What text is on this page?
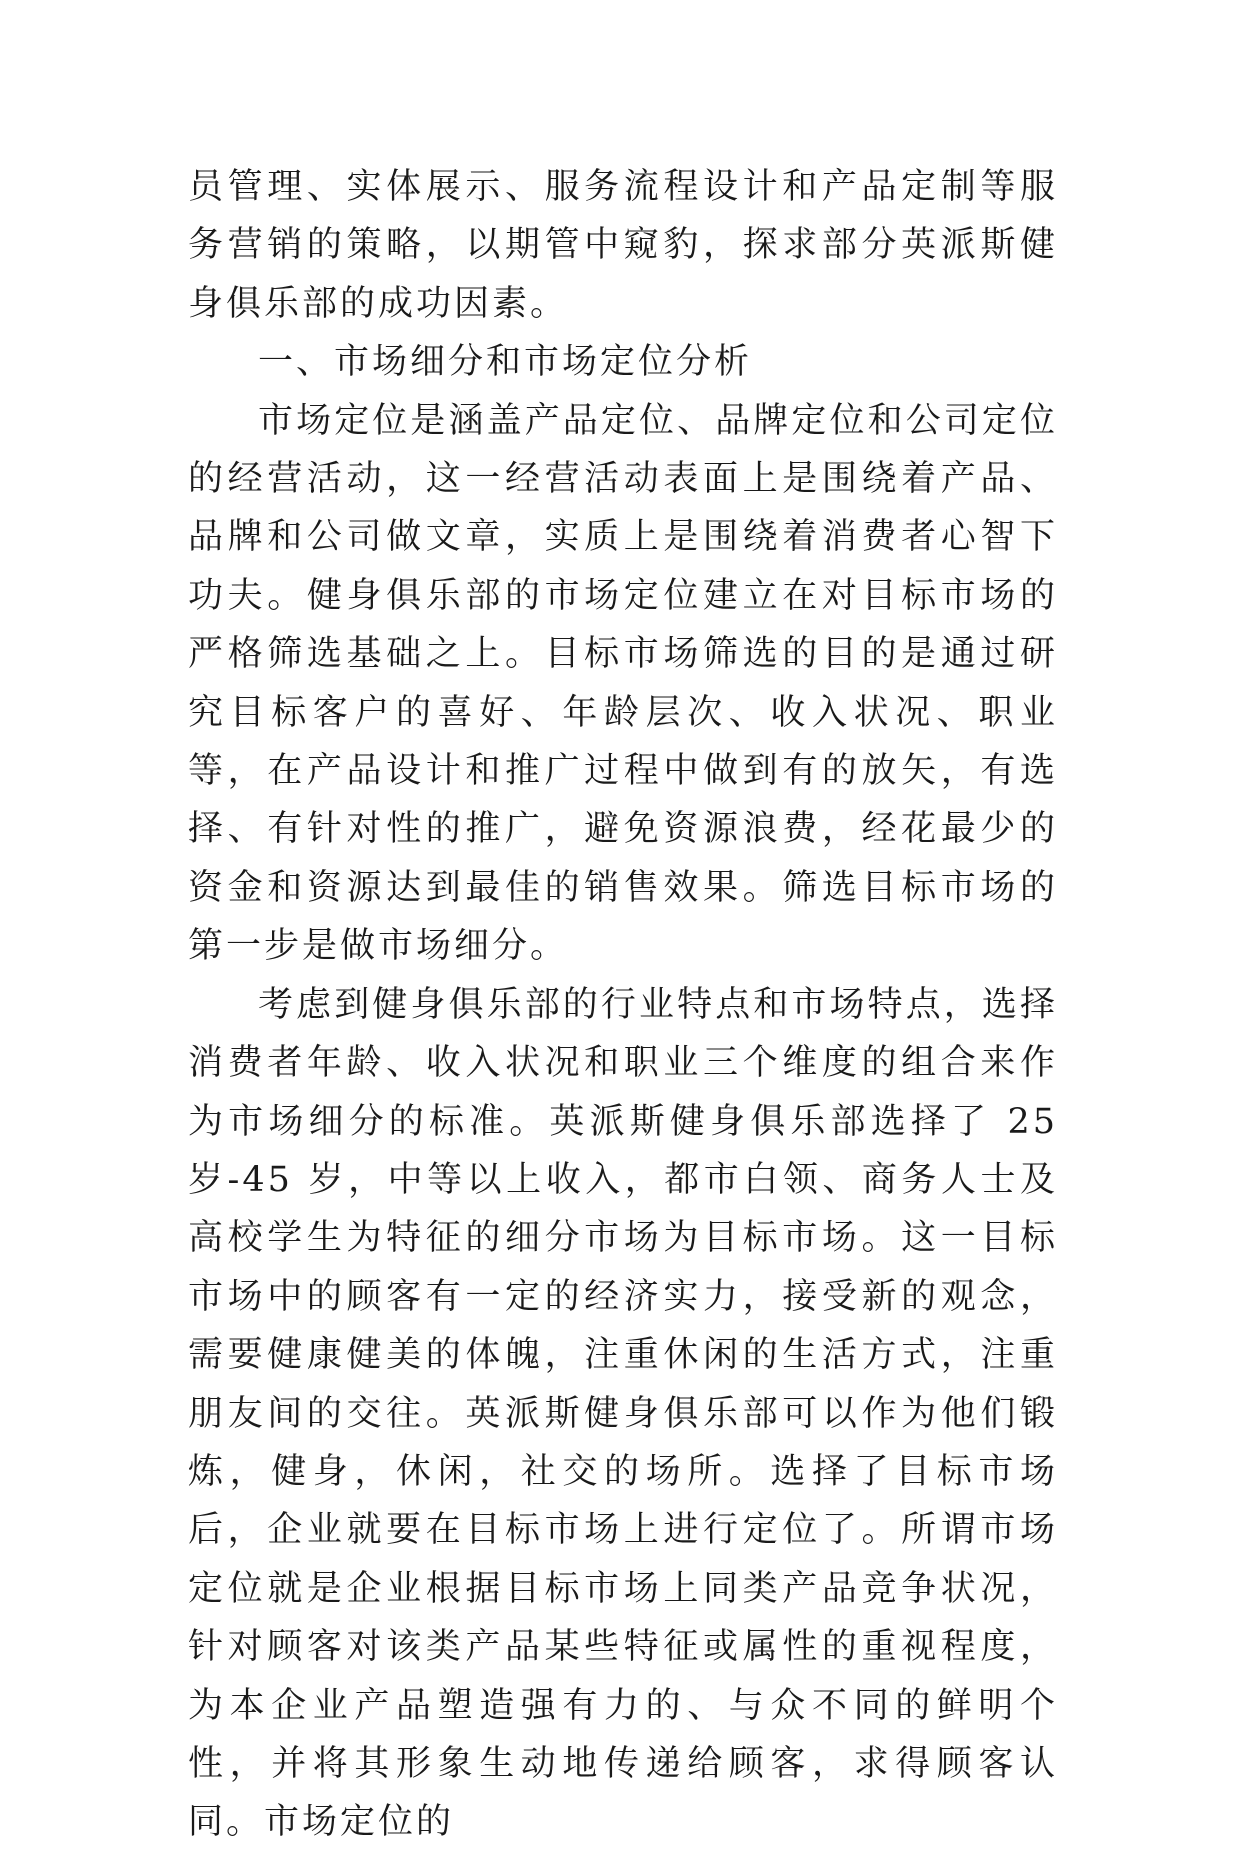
员管理、实体展示、服务流程设计和产品定制等服务营销的策略，以期管中窥豹，探求部分英派斯健身俱乐部的成功因素。

一、市场细分和市场定位分析

市场定位是涵盖产品定位、品牌定位和公司定位的经营活动，这一经营活动表面上是围绕着产品、品牌和公司做文章，实质上是围绕着消费者心智下功夫。健身俱乐部的市场定位建立在对目标市场的严格筛选基础之上。目标市场筛选的目的是通过研究目标客户的喜好、年龄层次、收入状况、职业等，在产品设计和推广过程中做到有的放矢，有选择、有针对性的推广，避免资源浪费，经花最少的资金和资源达到最佳的销售效果。筛选目标市场的第一步是做市场细分。

考虑到健身俱乐部的行业特点和市场特点，选择消费者年龄、收入状况和职业三个维度的组合来作为市场细分的标准。英派斯健身俱乐部选择了 25 岁-45 岁，中等以上收入，都市白领、商务人士及高校学生为特征的细分市场为目标市场。这一目标市场中的顾客有一定的经济实力，接受新的观念，需要健康健美的体魄，注重休闲的生活方式，注重朋友间的交往。英派斯健身俱乐部可以作为他们锻炼，健身，休闲，社交的场所。选择了目标市场后，企业就要在目标市场上进行定位了。所谓市场定位就是企业根据目标市场上同类产品竞争状况，针对顾客对该类产品某些特征或属性的重视程度，为本企业产品塑造强有力的、与众不同的鲜明个性，并将其形象生动地传递给顾客，求得顾客认同。市场定位的
